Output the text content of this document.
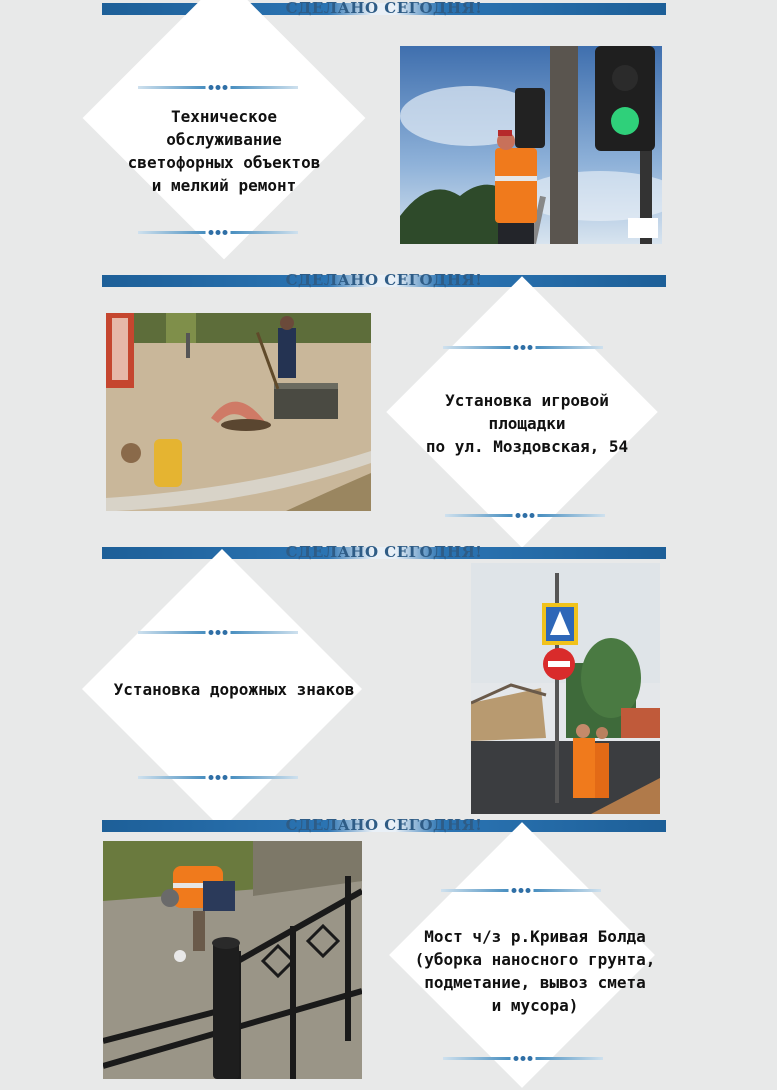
СДЕЛАНО СЕГОДНЯ!
Техническое
обслуживание
светофорных объектов
и мелкий ремонт
СДЕЛАНО СЕГОДНЯ!
Установка игровой
площадки
по ул. Моздовская, 54
СДЕЛАНО СЕГОДНЯ!
Установка дорожных знаков
СДЕЛАНО СЕГОДНЯ!
Мост ч/з р.Кривая Болда
(уборка наносного грунта,
подметание, вывоз смета
и мусора)
